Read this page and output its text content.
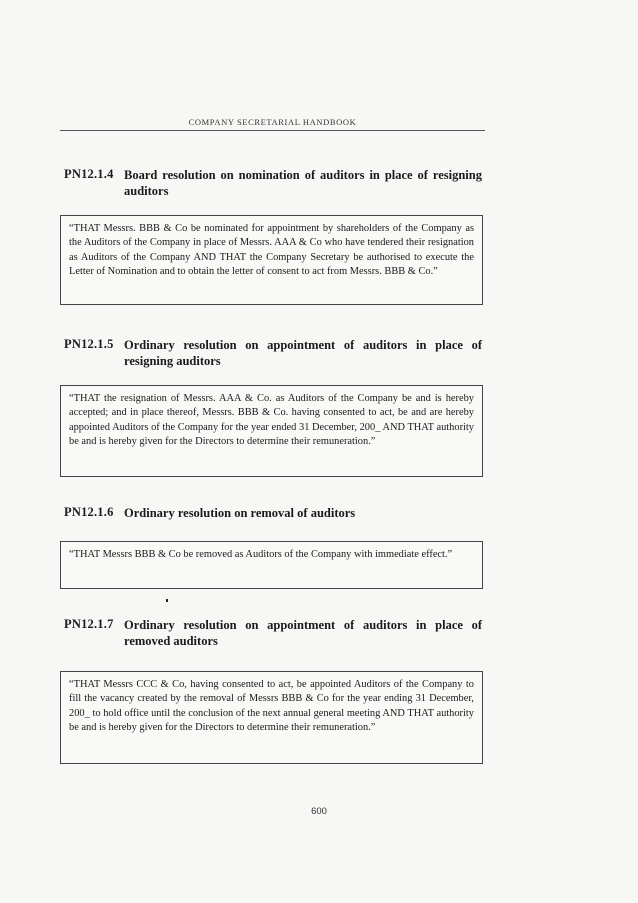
COMPANY SECRETARIAL HANDBOOK
PN12.1.4 Board resolution on nomination of auditors in place of resigning auditors
“THAT Messrs. BBB & Co be nominated for appointment by shareholders of the Company as the Auditors of the Company in place of Messrs. AAA & Co who have tendered their resignation as Auditors of the Company AND THAT the Company Secretary be authorised to execute the Letter of Nomination and to obtain the letter of consent to act from Messrs. BBB & Co.”
PN12.1.5 Ordinary resolution on appointment of auditors in place of resigning auditors
“THAT the resignation of Messrs. AAA & Co. as Auditors of the Company be and is hereby accepted; and in place thereof, Messrs. BBB & Co. having consented to act, be and are hereby appointed Auditors of the Company for the year ended 31 December, 200_ AND THAT authority be and is hereby given for the Directors to determine their remuneration.”
PN12.1.6 Ordinary resolution on removal of auditors
“THAT Messrs BBB & Co be removed as Auditors of the Company with immediate effect.”
PN12.1.7 Ordinary resolution on appointment of auditors in place of removed auditors
“THAT Messrs CCC & Co, having consented to act, be appointed Auditors of the Company to fill the vacancy created by the removal of Messrs BBB & Co for the year ending 31 December, 200_ to hold office until the conclusion of the next annual general meeting AND THAT authority be and is hereby given for the Directors to determine their remuneration.”
600
